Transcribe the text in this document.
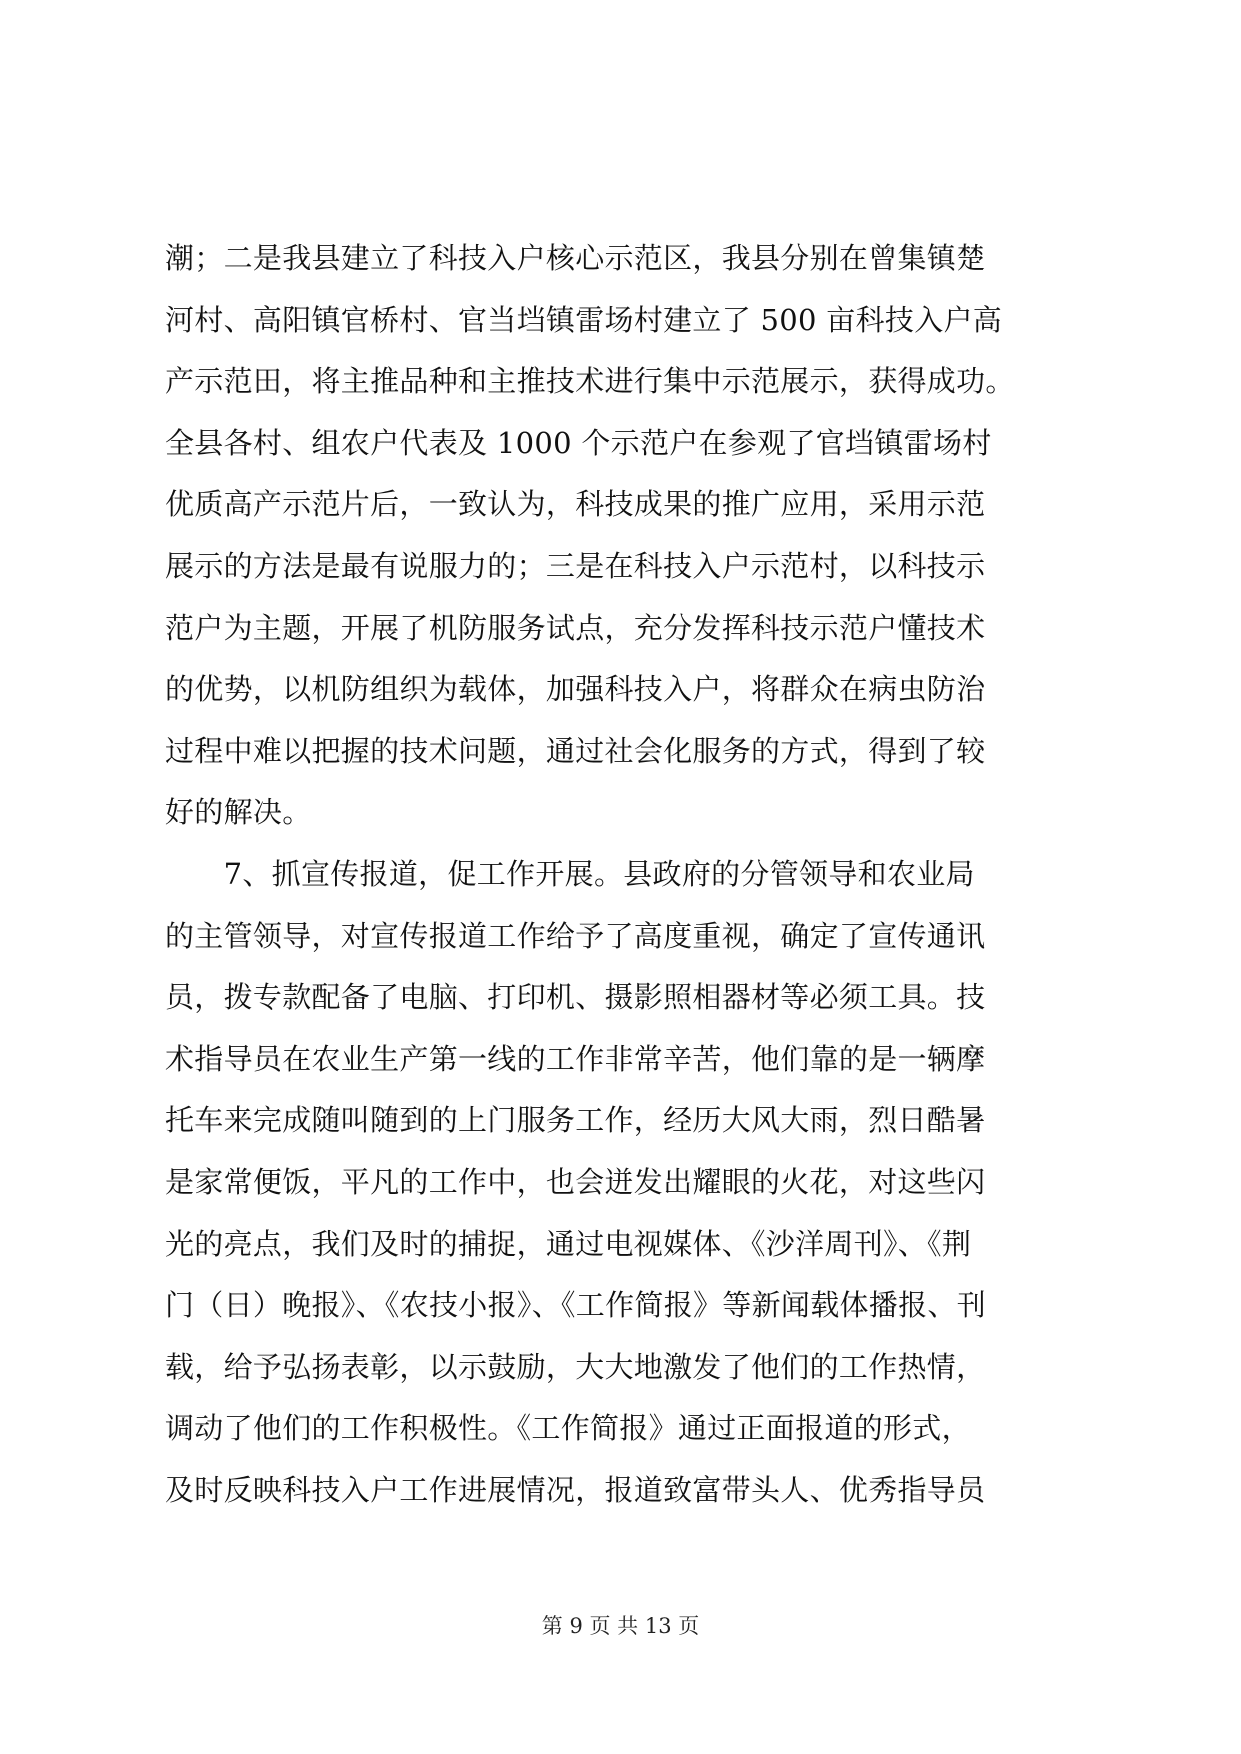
潮；二是我县建立了科技入户核心示范区，我县分别在曾集镇楚
河村、高阳镇官桥村、官当垱镇雷场村建立了 500 亩科技入户高
产示范田，将主推品种和主推技术进行集中示范展示，获得成功。
全县各村、组农户代表及 1000 个示范户在参观了官垱镇雷场村
优质高产示范片后，一致认为，科技成果的推广应用，采用示范
展示的方法是最有说服力的；三是在科技入户示范村，以科技示
范户为主题，开展了机防服务试点，充分发挥科技示范户懂技术
的优势，以机防组织为载体，加强科技入户，将群众在病虫防治
过程中难以把握的技术问题，通过社会化服务的方式，得到了较
好的解决。
　　7、抓宣传报道，促工作开展。县政府的分管领导和农业局
的主管领导，对宣传报道工作给予了高度重视，确定了宣传通讯
员，拨专款配备了电脑、打印机、摄影照相器材等必须工具。技
术指导员在农业生产第一线的工作非常辛苦，他们靠的是一辆摩
托车来完成随叫随到的上门服务工作，经历大风大雨，烈日酷暑
是家常便饭，平凡的工作中，也会迸发出耀眼的火花，对这些闪
光的亮点，我们及时的捕捉，通过电视媒体、《沙洋周刊》、《荆
门（日）晚报》、《农技小报》、《工作简报》等新闻载体播报、刊
载，给予弘扬表彰，以示鼓励，大大地激发了他们的工作热情，
调动了他们的工作积极性。《工作简报》通过正面报道的形式，
及时反映科技入户工作进展情况，报道致富带头人、优秀指导员
第 9 页 共 13 页
